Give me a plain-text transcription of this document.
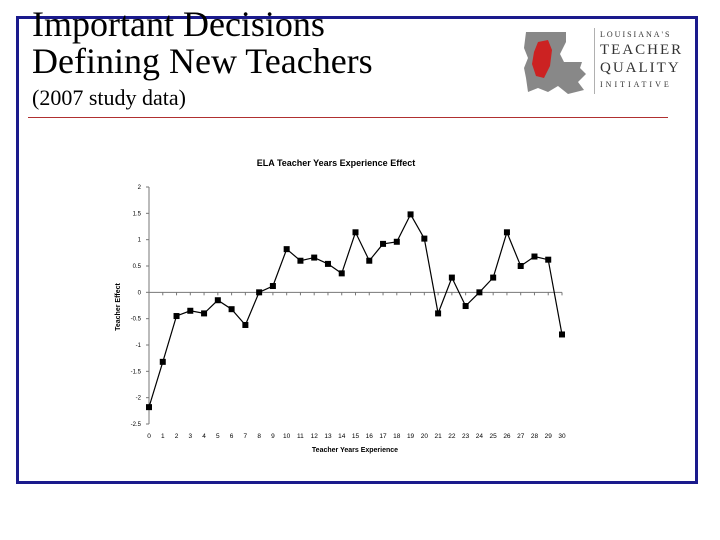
Important Decisions
Defining New Teachers
(2007 study data)
LOUISIANA'S
TEACHER
QUALITY
INITIATIVE
ELA Teacher Years Experience Effect
2
1.5
1
0.5
0
-0.5
-1
-1.5
-2
-2.5
0 1 2 3 4 5 6 7 8 9 10 11 12 13 14 15 16 17 18 19 20 21 22 23 24 25 26 27 28 29 30
Teacher Years Experience
Teacher Effect
